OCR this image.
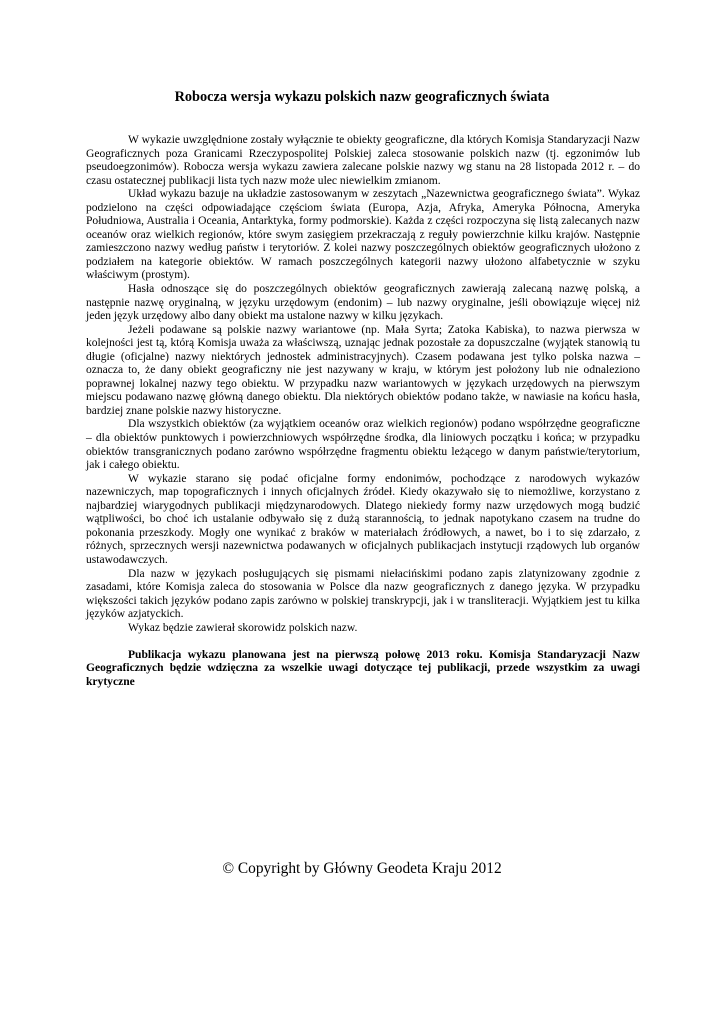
Robocza wersja wykazu polskich nazw geograficznych świata

W wykazie uwzględnione zostały wyłącznie te obiekty geograficzne, dla których Komisja Standaryzacji Nazw Geograficznych poza Granicami Rzeczypospolitej Polskiej zaleca stosowanie polskich nazw (tj. egzonimów lub pseudoegzonimów). Robocza wersja wykazu zawiera zalecane polskie nazwy wg stanu na 28 listopada 2012 r. – do czasu ostatecznej publikacji lista tych nazw może ulec niewielkim zmianom.

Układ wykazu bazuje na układzie zastosowanym w zeszytach „Nazewnictwa geograficznego świata”. Wykaz podzielono na części odpowiadające częściom świata (Europa, Azja, Afryka, Ameryka Północna, Ameryka Południowa, Australia i Oceania, Antarktyka, formy podmorskie). Każda z części rozpoczyna się listą zalecanych nazw oceanów oraz wielkich regionów, które swym zasięgiem przekraczają z reguły powierzchnie kilku krajów. Następnie zamieszczono nazwy według państw i terytoriów. Z kolei nazwy poszczególnych obiektów geograficznych ułożono z podziałem na kategorie obiektów. W ramach poszczególnych kategorii nazwy ułożono alfabetycznie w szyku właściwym (prostym).

Hasła odnoszące się do poszczególnych obiektów geograficznych zawierają zalecaną nazwę polską, a następnie nazwę oryginalną, w języku urzędowym (endonim) – lub nazwy oryginalne, jeśli obowiązuje więcej niż jeden język urzędowy albo dany obiekt ma ustalone nazwy w kilku językach.

Jeżeli podawane są polskie nazwy wariantowe (np. Mała Syrta; Zatoka Kabiska), to nazwa pierwsza w kolejności jest tą, którą Komisja uważa za właściwszą, uznając jednak pozostałe za dopuszczalne (wyjątek stanowią tu długie (oficjalne) nazwy niektórych jednostek administracyjnych). Czasem podawana jest tylko polska nazwa – oznacza to, że dany obiekt geograficzny nie jest nazywany w kraju, w którym jest położony lub nie odnaleziono poprawnej lokalnej nazwy tego obiektu. W przypadku nazw wariantowych w językach urzędowych na pierwszym miejscu podawano nazwę główną danego obiektu. Dla niektórych obiektów podano także, w nawiasie na końcu hasła, bardziej znane polskie nazwy historyczne.

Dla wszystkich obiektów (za wyjątkiem oceanów oraz wielkich regionów) podano współrzędne geograficzne – dla obiektów punktowych i powierzchniowych współrzędne środka, dla liniowych początku i końca; w przypadku obiektów transgranicznych podano zarówno współrzędne fragmentu obiektu leżącego w danym państwie/terytorium, jak i całego obiektu.

W wykazie starano się podać oficjalne formy endonimów, pochodzące z narodowych wykazów nazewniczych, map topograficznych i innych oficjalnych źródeł. Kiedy okazywało się to niemożliwe, korzystano z najbardziej wiarygodnych publikacji międzynarodowych. Dlatego niekiedy formy nazw urzędowych mogą budzić wątpliwości, bo choć ich ustalanie odbywało się z dużą starannością, to jednak napotykano czasem na trudne do pokonania przeszkody. Mogły one wynikać z braków w materiałach źródłowych, a nawet, bo i to się zdarzało, z różnych, sprzecznych wersji nazewnictwa podawanych w oficjalnych publikacjach instytucji rządowych lub organów ustawodawczych.

Dla nazw w językach posługujących się pismami niełacińskimi podano zapis zlatynizowany zgodnie z zasadami, które Komisja zaleca do stosowania w Polsce dla nazw geograficznych z danego języka. W przypadku większości takich języków podano zapis zarówno w polskiej transkrypcji, jak i w transliteracji. Wyjątkiem jest tu kilka języków azjatyckich.

Wykaz będzie zawierał skorowidz polskich nazw.

Publikacja wykazu planowana jest na pierwszą połowę 2013 roku. Komisja Standaryzacji Nazw Geograficznych będzie wdzięczna za wszelkie uwagi dotyczące tej publikacji, przede wszystkim za uwagi krytyczne

© Copyright by Główny Geodeta Kraju 2012
